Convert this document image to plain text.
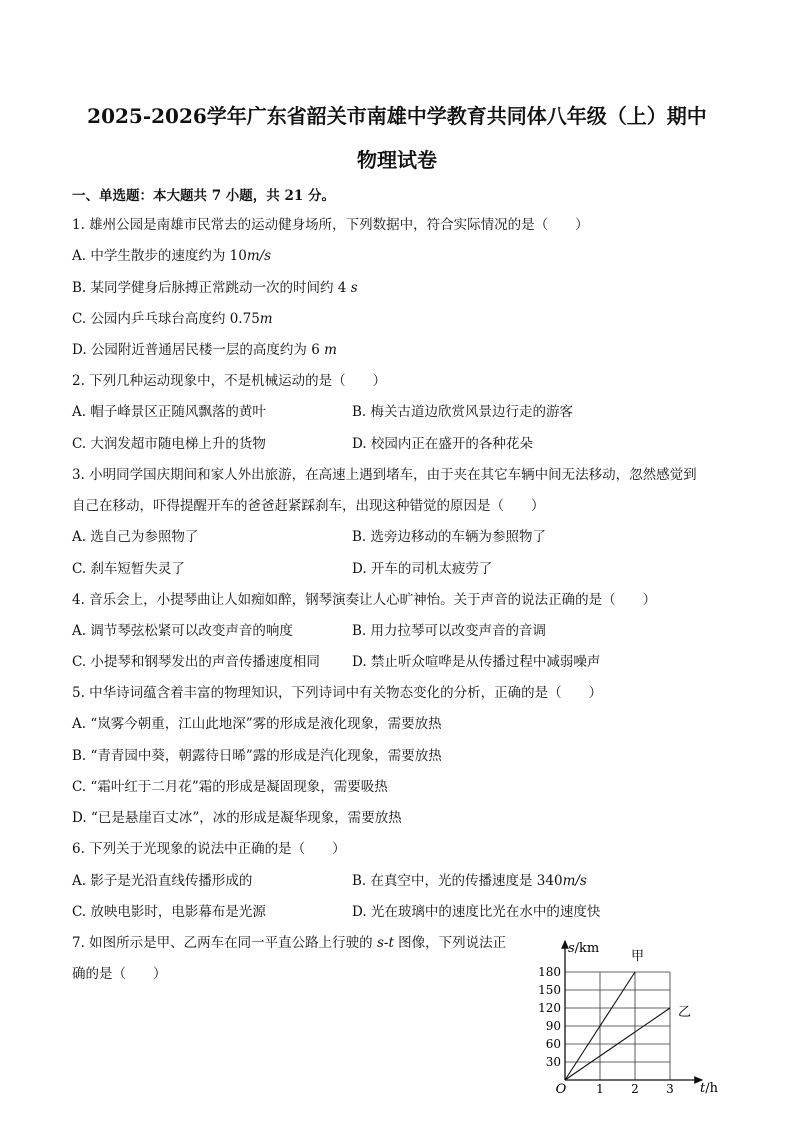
2025-2026学年广东省韶关市南雄中学教育共同体八年级（上）期中
物理试卷
一、单选题：本大题共 7 小题，共 21 分。
1. 雄州公园是南雄市民常去的运动健身场所，下列数据中，符合实际情况的是（　　）
A. 中学生散步的速度约为 10m/s
B. 某同学健身后脉搏正常跳动一次的时间约 4 s
C. 公园内乒乓球台高度约 0.75m
D. 公园附近普通居民楼一层的高度约为 6 m
2. 下列几种运动现象中，不是机械运动的是（　　）
A. 帽子峰景区正随风飘落的黄叶	B. 梅关古道边欣赏风景边行走的游客
C. 大润发超市随电梯上升的货物	D. 校园内正在盛开的各种花朵
3. 小明同学国庆期间和家人外出旅游，在高速上遇到堵车，由于夹在其它车辆中间无法移动，忽然感觉到
自己在移动，吓得提醒开车的爸爸赶紧踩刹车，出现这种错觉的原因是（　　）
A. 选自己为参照物了	B. 选旁边移动的车辆为参照物了
C. 刹车短暂失灵了	D. 开车的司机太疲劳了
4. 音乐会上，小提琴曲让人如痴如醉，钢琴演奏让人心旷神怡。关于声音的说法正确的是（　　）
A. 调节琴弦松紧可以改变声音的响度	B. 用力拉琴可以改变声音的音调
C. 小提琴和钢琴发出的声音传播速度相同 D. 禁止听众喧哗是从传播过程中减弱噪声
5. 中华诗词蕴含着丰富的物理知识，下列诗词中有关物态变化的分析，正确的是（　　）
A. “岚雾今朝重，江山此地深”雾的形成是液化现象，需要放热
B. “青青园中葵，朝露待日晞”露的形成是汽化现象，需要放热
C. “霜叶红于二月花”霜的形成是凝固现象，需要吸热
D. “已是悬崖百丈冰”，冰的形成是凝华现象，需要放热
6. 下列关于光现象的说法中正确的是（　　）
A. 影子是光沿直线传播形成的	B. 在真空中，光的传播速度是 340m/s
C. 放映电影时，电影幕布是光源	D. 光在玻璃中的速度比光在水中的速度快
7. 如图所示是甲、乙两车在同一平直公路上行驶的 s-t 图像，下列说法正
确的是（　　）
1 2 3
30
60
90
120
150
180
甲
乙
s/km
t/h
O
